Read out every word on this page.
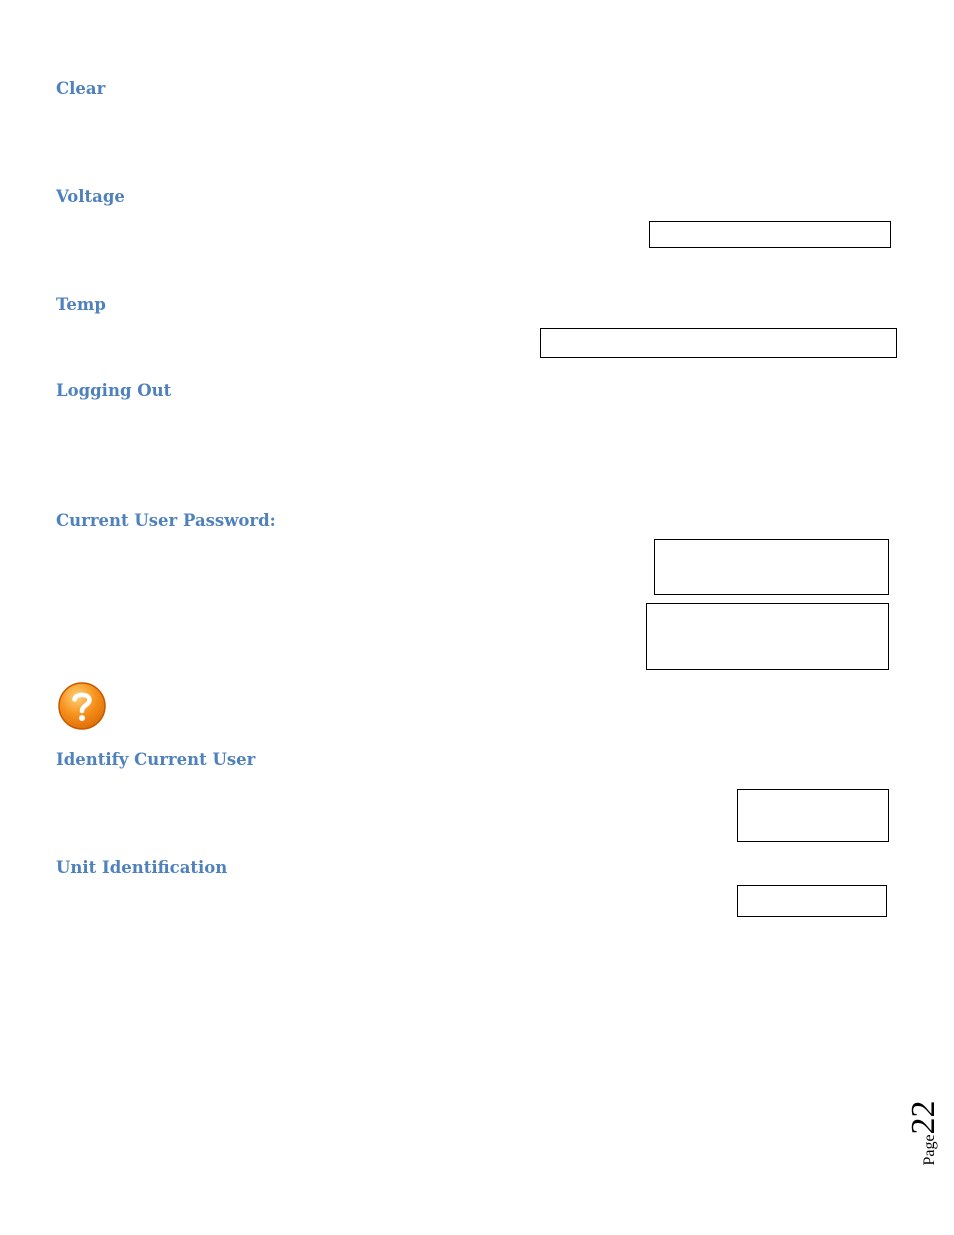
Clear
Voltage
Temp
Logging Out
Current User Password:
Identify Current User
Unit Identification
Page22
